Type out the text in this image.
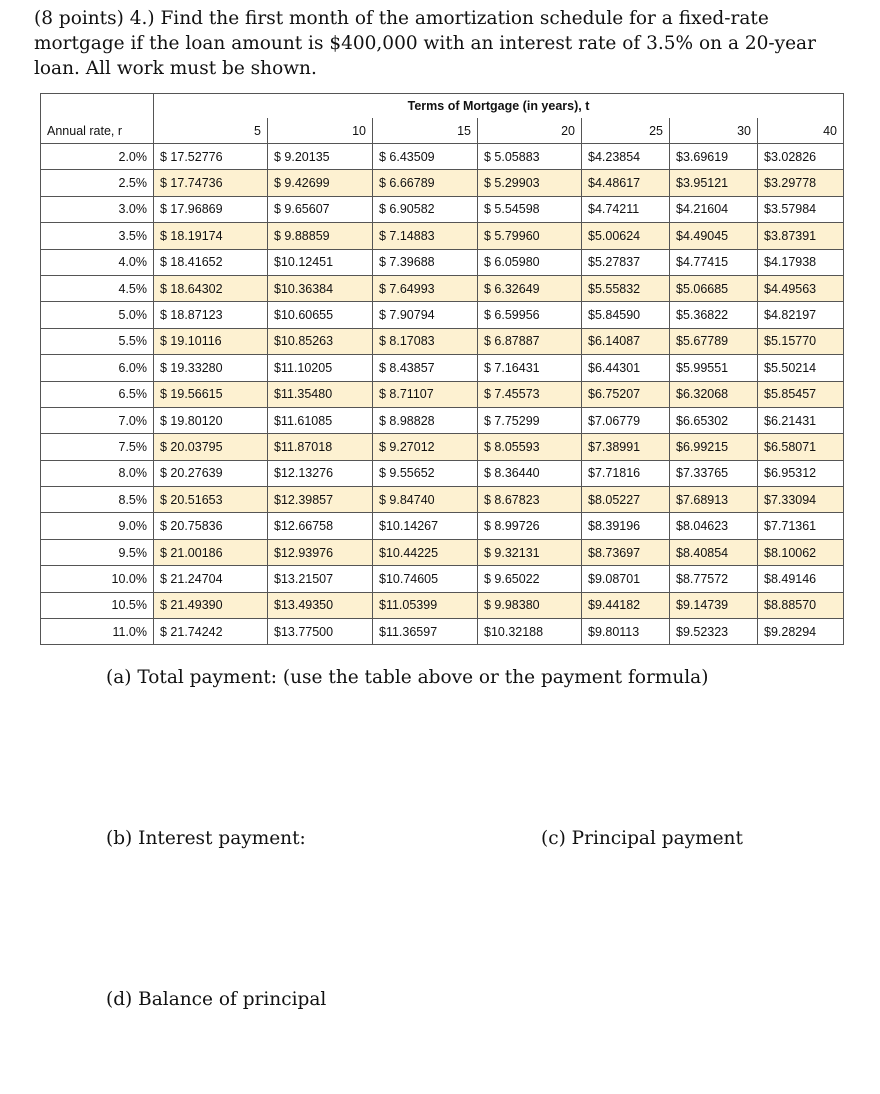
(8 points) 4.) Find the first month of the amortization schedule for a fixed-rate mortgage if the loan amount is $400,000 with an interest rate of 3.5% on a 20-year loan. All work must be shown.
	Terms of Mortgage (in years), t						
Annual rate, r	5	10	15	20	25	30	40
2.0%	$ 17.52776	$ 9.20135	$ 6.43509	$ 5.05883	$4.23854	$3.69619	$3.02826
2.5%	$ 17.74736	$ 9.42699	$ 6.66789	$ 5.29903	$4.48617	$3.95121	$3.29778
3.0%	$ 17.96869	$ 9.65607	$ 6.90582	$ 5.54598	$4.74211	$4.21604	$3.57984
3.5%	$ 18.19174	$ 9.88859	$ 7.14883	$ 5.79960	$5.00624	$4.49045	$3.87391
4.0%	$ 18.41652	$10.12451	$ 7.39688	$ 6.05980	$5.27837	$4.77415	$4.17938
4.5%	$ 18.64302	$10.36384	$ 7.64993	$ 6.32649	$5.55832	$5.06685	$4.49563
5.0%	$ 18.87123	$10.60655	$ 7.90794	$ 6.59956	$5.84590	$5.36822	$4.82197
5.5%	$ 19.10116	$10.85263	$ 8.17083	$ 6.87887	$6.14087	$5.67789	$5.15770
6.0%	$ 19.33280	$11.10205	$ 8.43857	$ 7.16431	$6.44301	$5.99551	$5.50214
6.5%	$ 19.56615	$11.35480	$ 8.71107	$ 7.45573	$6.75207	$6.32068	$5.85457
7.0%	$ 19.80120	$11.61085	$ 8.98828	$ 7.75299	$7.06779	$6.65302	$6.21431
7.5%	$ 20.03795	$11.87018	$ 9.27012	$ 8.05593	$7.38991	$6.99215	$6.58071
8.0%	$ 20.27639	$12.13276	$ 9.55652	$ 8.36440	$7.71816	$7.33765	$6.95312
8.5%	$ 20.51653	$12.39857	$ 9.84740	$ 8.67823	$8.05227	$7.68913	$7.33094
9.0%	$ 20.75836	$12.66758	$10.14267	$ 8.99726	$8.39196	$8.04623	$7.71361
9.5%	$ 21.00186	$12.93976	$10.44225	$ 9.32131	$8.73697	$8.40854	$8.10062
10.0%	$ 21.24704	$13.21507	$10.74605	$ 9.65022	$9.08701	$8.77572	$8.49146
10.5%	$ 21.49390	$13.49350	$11.05399	$ 9.98380	$9.44182	$9.14739	$8.88570
11.0%	$ 21.74242	$13.77500	$11.36597	$10.32188	$9.80113	$9.52323	$9.28294
(a) Total payment: (use the table above or the payment formula)
(b) Interest payment:	(c) Principal payment
(d) Balance of principal
